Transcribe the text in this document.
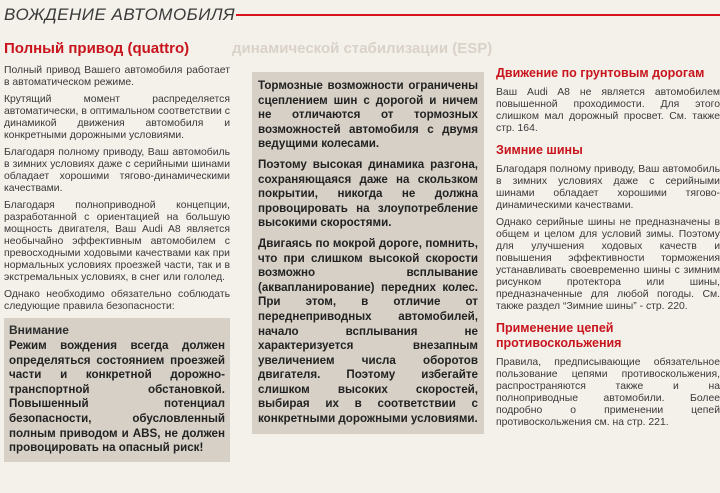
ВОЖДЕНИЕ АВТОМОБИЛЯ
динамической стабилизации (ESP)
Полный привод (quattro)

Полный привод Вашего автомобиля работает в автоматическом режиме.

Крутящий момент распределяется автоматически, в оптимальном соответствии с динамикой движения автомобиля и конкретными дорожными условиями.

Благодаря полному приводу, Ваш автомобиль в зимних условиях даже с серийными шинами обладает хорошими тягово-динамическими качествами.

Благодаря полноприводной концепции, разработанной с ориентацией на большую мощность двигателя, Ваш Audi A8 является необычайно эффективным автомобилем с превосходными ходовыми качествами как при нормальных условиях проезжей части, так и в экстремальных условиях, в снег или гололед.

Однако необходимо обязательно соблюдать следующие правила безопасности:

Внимание
Режим вождения всегда должен определяться состоянием проезжей части и конкретной дорожно-транспортной обстановкой. Повышенный потенциал безопасности, обусловленный полным приводом и ABS, не должен провоцировать на опасный риск!

Тормозные возможности ограничены сцеплением шин с дорогой и ничем не отличаются от тормозных возможностей автомобиля с двумя ведущими колесами.

Поэтому высокая динамика разгона, сохраняющаяся даже на скользком покрытии, никогда не должна провоцировать на злоупотребление высокими скоростями.

Двигаясь по мокрой дороге, помнить, что при слишком высокой скорости возможно всплывание (аквапланирование) передних колес. При этом, в отличие от переднеприводных автомобилей, начало всплывания не характеризуется внезапным увеличением числа оборотов двигателя. Поэтому избегайте слишком высоких скоростей, выбирая их в соответствии с конкретными дорожными условиями.

Движение по грунтовым дорогам

Ваш Audi A8 не является автомобилем повышенной проходимости. Для этого слишком мал дорожный просвет. См. также стр. 164.

Зимние шины

Благодаря полному приводу, Ваш автомобиль в зимних условиях даже с серийными шинами обладает хорошими тягово-динамическими качествами.

Однако серийные шины не предназначены в общем и целом для условий зимы. Поэтому для улучшения ходовых качеств и повышения эффективности торможения устанавливать своевременно шины с зимним рисунком протектора или шины, предназначенные для любой погоды. См. также раздел “Зимние шины” - стр. 220.

Применение цепей противоскольжения

Правила, предписывающие обязательное пользование цепями противоскольжения, распространяются также и на полноприводные автомобили. Более подробно о применении цепей противоскольжения см. на стр. 221.
